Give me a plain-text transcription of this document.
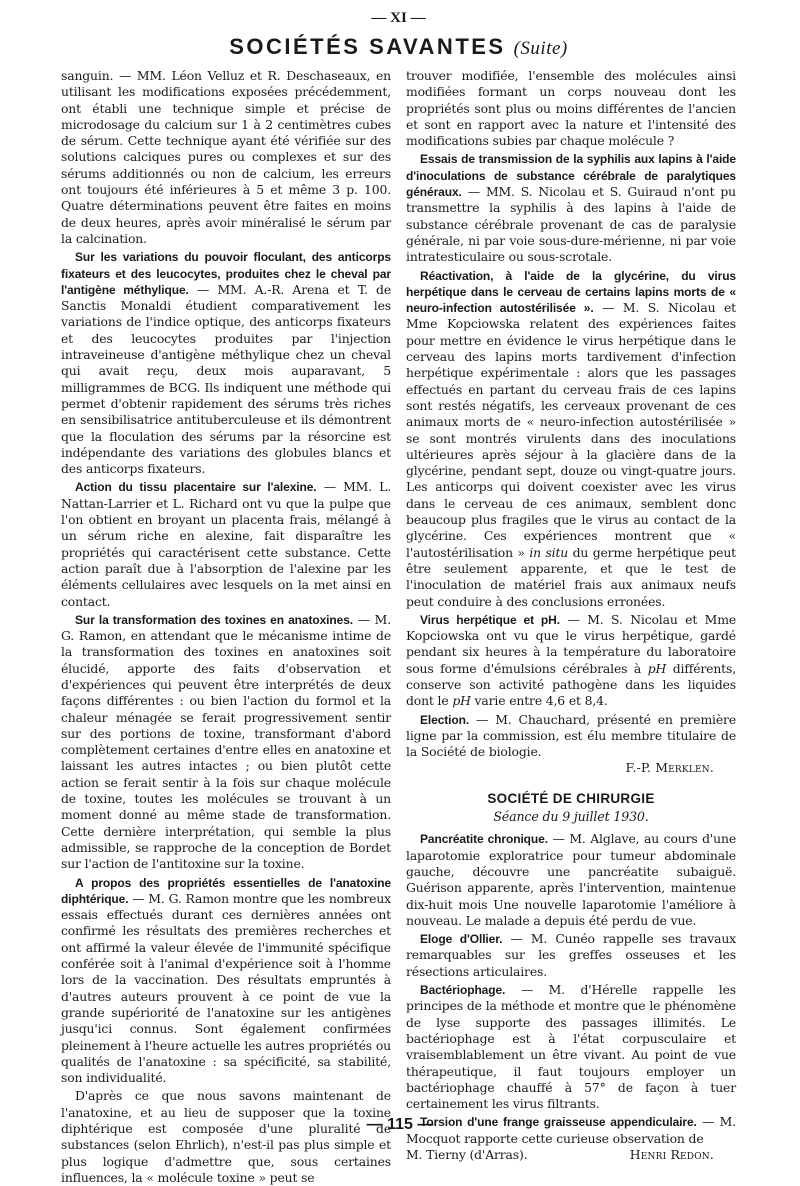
— XI —
SOCIÉTÉS SAVANTES (Suite)

sanguin. — MM. Léon Velluz et R. Deschaseaux, en utilisant les modifications exposées précédemment, ont établi une technique simple et précise de microdosage du calcium sur 1 à 2 centimètres cubes de sérum. Cette technique ayant été vérifiée sur des solutions calciques pures ou complexes et sur des sérums additionnés ou non de calcium, les erreurs ont toujours été inférieures à 5 et même 3 p. 100. Quatre déterminations peuvent être faites en moins de deux heures, après avoir minéralisé le sérum par la calcination.

Sur les variations du pouvoir floculant, des anticorps fixateurs et des leucocytes, produites chez le cheval par l'antigène méthylique. — MM. A.-R. Arena et T. de Sanctis Monaldi étudient comparativement les variations de l'indice optique, des anticorps fixateurs et des leucocytes produites par l'injection intraveineuse d'antigène méthylique chez un cheval qui avait reçu, deux mois auparavant, 5 milligrammes de BCG. Ils indiquent une méthode qui permet d'obtenir rapidement des sérums très riches en sensibilisatrice antituberculeuse et ils démontrent que la floculation des sérums par la résorcine est indépendante des variations des globules blancs et des anticorps fixateurs.

Action du tissu placentaire sur l'alexine. — MM. L. Nattan-Larrier et L. Richard ont vu que la pulpe que l'on obtient en broyant un placenta frais, mélangé à un sérum riche en alexine, fait disparaître les propriétés qui caractérisent cette substance. Cette action paraît due à l'absorption de l'alexine par les éléments cellulaires avec lesquels on la met ainsi en contact.

Sur la transformation des toxines en anatoxines. — M. G. Ramon, en attendant que le mécanisme intime de la transformation des toxines en anatoxines soit élucidé, apporte des faits d'observation et d'expériences qui peuvent être interprétés de deux façons différentes : ou bien l'action du formol et la chaleur ménagée se ferait progressivement sentir sur des portions de toxine, transformant d'abord complètement certaines d'entre elles en anatoxine et laissant les autres intactes ; ou bien plutôt cette action se ferait sentir à la fois sur chaque molécule de toxine, toutes les molécules se trouvant à un moment donné au même stade de transformation. Cette dernière interprétation, qui semble la plus admissible, se rapproche de la conception de Bordet sur l'action de l'antitoxine sur la toxine.

A propos des propriétés essentielles de l'anatoxine diphtérique. — M. G. Ramon montre que les nombreux essais effectués durant ces dernières années ont confirmé les résultats des premières recherches et ont affirmé la valeur élevée de l'immunité spécifique conférée soit à l'animal d'expérience soit à l'homme lors de la vaccination. Des résultats empruntés à d'autres auteurs prouvent à ce point de vue la grande supériorité de l'anatoxine sur les antigènes jusqu'ici connus. Sont également confirmées pleinement à l'heure actuelle les autres propriétés ou qualités de l'anatoxine : sa spécificité, sa stabilité, son individualité.

D'après ce que nous savons maintenant de l'anatoxine, et au lieu de supposer que la toxine diphtérique est composée d'une pluralité de substances (selon Ehrlich), n'est-il pas plus simple et plus logique d'admettre que, sous certaines influences, la « molécule toxine » peut se

trouver modifiée, l'ensemble des molécules ainsi modifiées formant un corps nouveau dont les propriétés sont plus ou moins différentes de l'ancien et sont en rapport avec la nature et l'intensité des modifications subies par chaque molécule ?

Essais de transmission de la syphilis aux lapins à l'aide d'inoculations de substance cérébrale de paralytiques généraux. — MM. S. Nicolau et S. Guiraud n'ont pu transmettre la syphilis à des lapins à l'aide de substance cérébrale provenant de cas de paralysie générale, ni par voie sous-dure-mérienne, ni par voie intratesticulaire ou sous-scrotale.

Réactivation, à l'aide de la glycérine, du virus herpétique dans le cerveau de certains lapins morts de « neuro-infection autostérilisée ». — M. S. Nicolau et Mme Kopciowska relatent des expériences faites pour mettre en évidence le virus herpétique dans le cerveau des lapins morts tardivement d'infection herpétique expérimentale : alors que les passages effectués en partant du cerveau frais de ces lapins sont restés négatifs, les cerveaux provenant de ces animaux morts de « neuro-infection autostérilisée » se sont montrés virulents dans des inoculations ultérieures après séjour à la glacière dans de la glycérine, pendant sept, douze ou vingt-quatre jours. Les anticorps qui doivent coexister avec les virus dans le cerveau de ces animaux, semblent donc beaucoup plus fragiles que le virus au contact de la glycérine. Ces expériences montrent que « l'autostérilisation » in situ du germe herpétique peut être seulement apparente, et que le test de l'inoculation de matériel frais aux animaux neufs peut conduire à des conclusions erronées.

Virus herpétique et pH. — M. S. Nicolau et Mme Kopciowska ont vu que le virus herpétique, gardé pendant six heures à la température du laboratoire sous forme d'émulsions cérébrales à pH différents, conserve son activité pathogène dans les liquides dont le pH varie entre 4,6 et 8,4.

Election. — M. Chauchard, présenté en première ligne par la commission, est élu membre titulaire de la Société de biologie.

F.-P. Merklen.
SOCIÉTÉ DE CHIRURGIE
Séance du 9 juillet 1930.

Pancréatite chronique. — M. Alglave, au cours d'une laparotomie exploratrice pour tumeur abdominale gauche, découvre une pancréatite subaiguë. Guérison apparente, après l'intervention, maintenue dix-huit mois Une nouvelle laparotomie l'améliore à nouveau. Le malade a depuis été perdu de vue.

Eloge d'Ollier. — M. Cunéo rappelle ses travaux remarquables sur les greffes osseuses et les résections articulaires.

Bactériophage. — M. d'Hérelle rappelle les principes de la méthode et montre que le phénomène de lyse supporte des passages illimités. Le bactériophage est à l'état corpusculaire et vraisemblablement un être vivant. Au point de vue thérapeutique, il faut toujours employer un bactériophage chauffé à 57° de façon à tuer certainement les virus filtrants.

Torsion d'une frange graisseuse appendiculaire. — M. Mocquot rapporte cette curieuse observation de

M. Tierny (d'Arras).	Henri Redon.
— 115 —
